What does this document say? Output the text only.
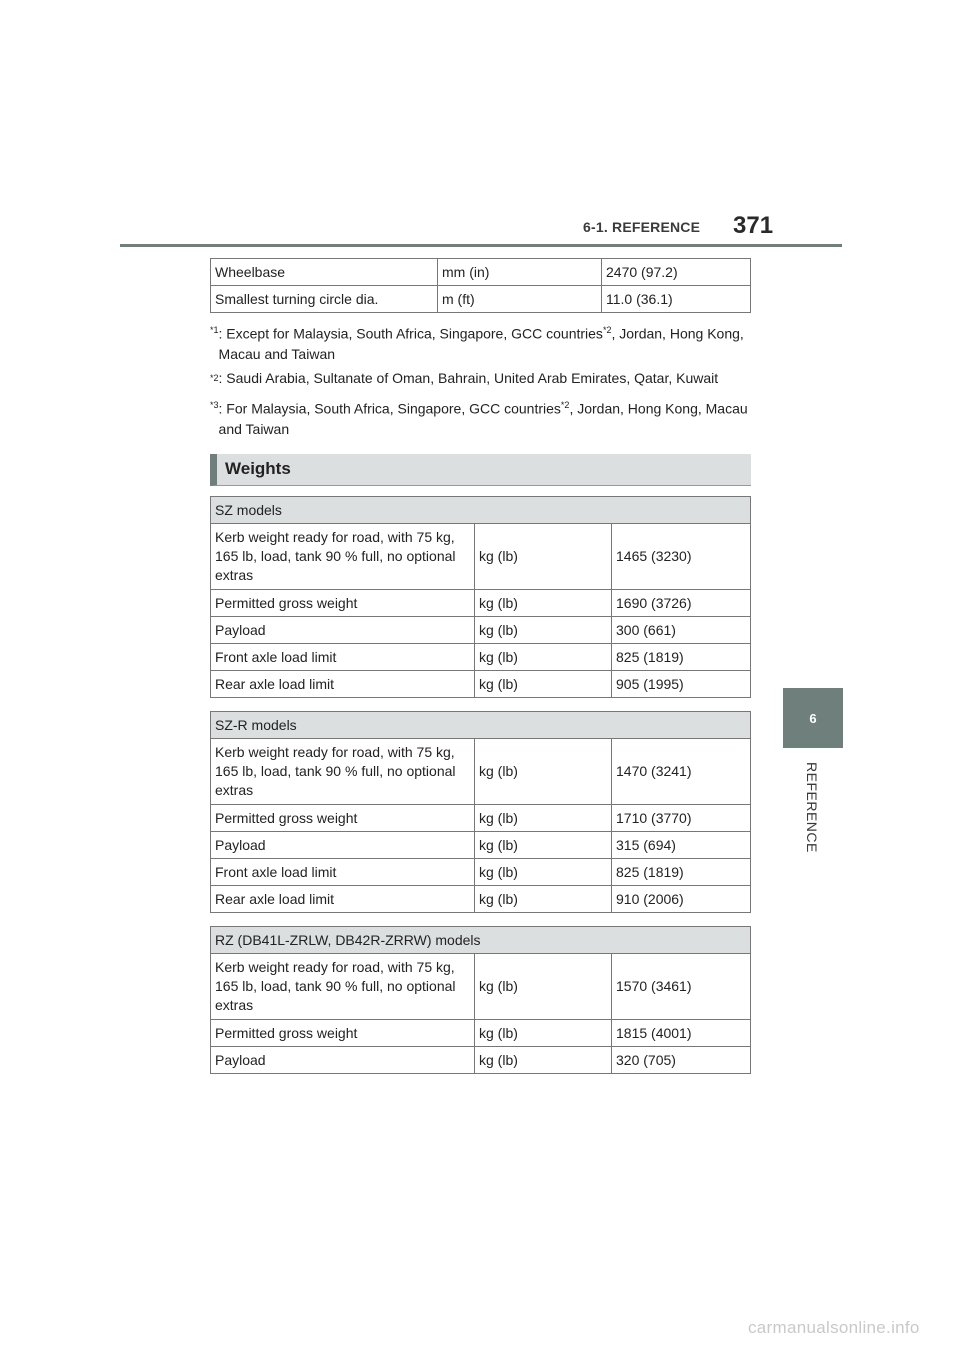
6-1. REFERENCE 371
6
REFERENCE
Wheelbase	mm (in)	2470 (97.2)
Smallest turning circle dia.	m (ft)	11.0 (36.1)
$^{*1}$ : Except for Malaysia, South Africa, Singapore, GCC countries$^{*2}$, Jordan, Hong Kong, Macau and Taiwan
$^{*2}$ : Saudi Arabia, Sultanate of Oman, Bahrain, United Arab Emirates, Qatar, Kuwait
$^{*3}$ : For Malaysia, South Africa, Singapore, GCC countries$^{*2}$, Jordan, Hong Kong, Macau and Taiwan
Weights
SZ models		
Kerb weight ready for road, with 75 kg, 165 lb, load, tank 90 % full, no optional extras	kg (lb)	1465 (3230)
Permitted gross weight	kg (lb)	1690 (3726)
Payload	kg (lb)	300 (661)
Front axle load limit	kg (lb)	825 (1819)
Rear axle load limit	kg (lb)	905 (1995)
SZ-R models		
Kerb weight ready for road, with 75 kg, 165 lb, load, tank 90 % full, no optional extras	kg (lb)	1470 (3241)
Permitted gross weight	kg (lb)	1710 (3770)
Payload	kg (lb)	315 (694)
Front axle load limit	kg (lb)	825 (1819)
Rear axle load limit	kg (lb)	910 (2006)
RZ (DB41L-ZRLW, DB42R-ZRRW) models		
Kerb weight ready for road, with 75 kg, 165 lb, load, tank 90 % full, no optional extras	kg (lb)	1570 (3461)
Permitted gross weight	kg (lb)	1815 (4001)
Payload	kg (lb)	320 (705)
carmanualsonline.info
